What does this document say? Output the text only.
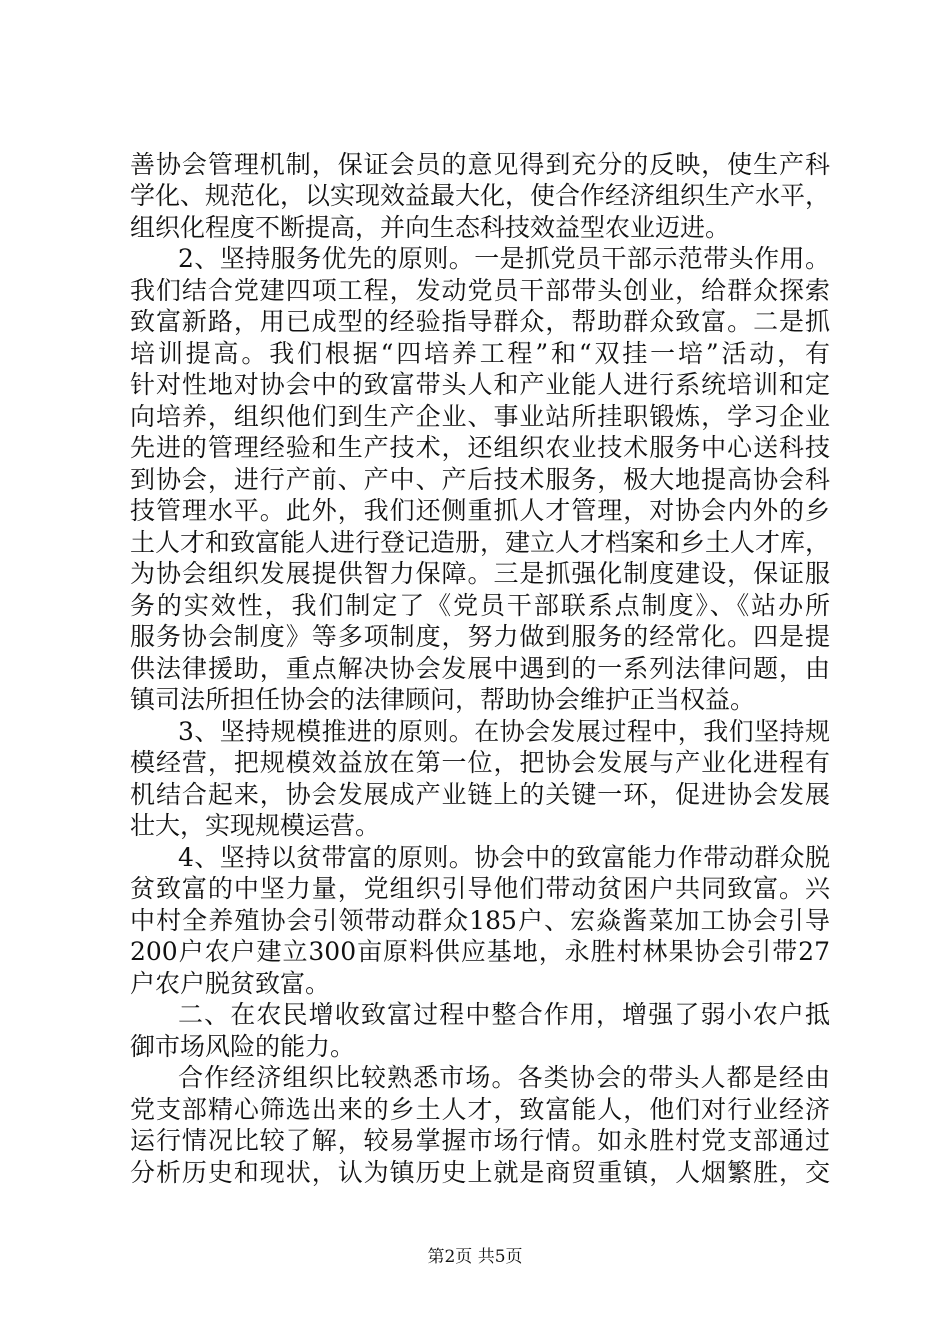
善协会管理机制，保证会员的意见得到充分的反映，使生产科
学化、规范化，以实现效益最大化，使合作经济组织生产水平，
组织化程度不断提高，并向生态科技效益型农业迈进。
2、坚持服务优先的原则。一是抓党员干部示范带头作用。
我们结合党建四项工程，发动党员干部带头创业，给群众探索
致富新路，用已成型的经验指导群众，帮助群众致富。二是抓
培训提高。我们根据“四培养工程”和“双挂一培”活动，有
针对性地对协会中的致富带头人和产业能人进行系统培训和定
向培养，组织他们到生产企业、事业站所挂职锻炼，学习企业
先进的管理经验和生产技术，还组织农业技术服务中心送科技
到协会，进行产前、产中、产后技术服务，极大地提高协会科
技管理水平。此外，我们还侧重抓人才管理，对协会内外的乡
土人才和致富能人进行登记造册，建立人才档案和乡土人才库，
为协会组织发展提供智力保障。三是抓强化制度建设，保证服
务的实效性，我们制定了《党员干部联系点制度》、《站办所
服务协会制度》等多项制度，努力做到服务的经常化。四是提
供法律援助，重点解决协会发展中遇到的一系列法律问题，由
镇司法所担任协会的法律顾问，帮助协会维护正当权益。
3、坚持规模推进的原则。在协会发展过程中，我们坚持规
模经营，把规模效益放在第一位，把协会发展与产业化进程有
机结合起来，协会发展成产业链上的关键一环，促进协会发展
壮大，实现规模运营。
4、坚持以贫带富的原则。协会中的致富能力作带动群众脱
贫致富的中坚力量，党组织引导他们带动贫困户共同致富。兴
中村全养殖协会引领带动群众185户、宏焱酱菜加工协会引导
200户农户建立300亩原料供应基地，永胜村林果协会引带27
户农户脱贫致富。
二、在农民增收致富过程中整合作用，增强了弱小农户抵
御市场风险的能力。
合作经济组织比较熟悉市场。各类协会的带头人都是经由
党支部精心筛选出来的乡土人才，致富能人，他们对行业经济
运行情况比较了解，较易掌握市场行情。如永胜村党支部通过
分析历史和现状，认为镇历史上就是商贸重镇，人烟繁胜，交
第2页 共5页
